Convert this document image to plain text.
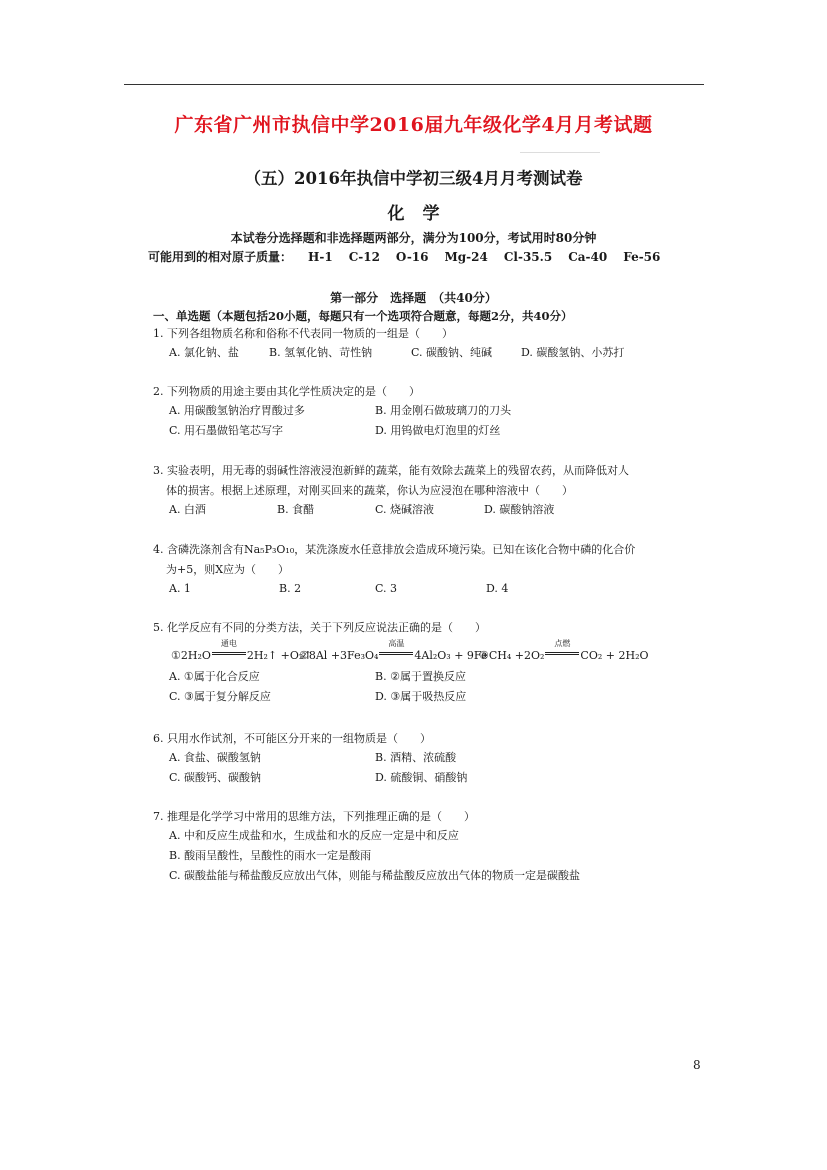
广东省广州市执信中学2016届九年级化学4月月考试题
（五）2016年执信中学初三级4月月考测试卷
化学
本试卷分选择题和非选择题两部分，满分为100分，考试用时80分钟
可能用到的相对原子质量： H-1 C-12 O-16 Mg-24 Cl-35.5 Ca-40 Fe-56
第一部分　选择题　（共40分）
一、单选题（本题包括20小题，每题只有一个选项符合题意，每题2分，共40分）
1. 下列各组物质名称和俗称不代表同一物质的一组是（　　）
A. 氯化钠、盐	B. 氢氧化钠、苛性钠	C. 碳酸钠、纯碱	D. 碳酸氢钠、小苏打
2. 下列物质的用途主要由其化学性质决定的是（　　）
A. 用碳酸氢钠治疗胃酸过多	B. 用金刚石做玻璃刀的刀头
C. 用石墨做铅笔芯写字	D. 用钨做电灯泡里的灯丝
3. 实验表明，用无毒的弱碱性溶液浸泡新鲜的蔬菜，能有效除去蔬菜上的残留农药，从而降低对人
体的损害。根据上述原理，对刚买回来的蔬菜，你认为应浸泡在哪种溶液中（　　）
A. 白酒	B. 食醋	C. 烧碱溶液	D. 碳酸钠溶液
4. 含磷洗涤剂含有Na₅P₃O₁₀，某洗涤废水任意排放会造成环境污染。已知在该化合物中磷的化合价
为+5，则X应为（　　）
A. 1	B. 2	C. 3	D. 4
5. 化学反应有不同的分类方法，关于下列反应说法正确的是（　　）
①2H₂O
通电
2H₂↑ +O₂↑
②8Al +3Fe₃O₄
高温
4Al₂O₃ + 9Fe
③CH₄ +2O₂
点燃
CO₂ + 2H₂O
A. ①属于化合反应	B. ②属于置换反应
C. ③属于复分解反应	D. ③属于吸热反应
6. 只用水作试剂，不可能区分开来的一组物质是（　　）
A. 食盐、碳酸氢钠	B. 酒精、浓硫酸
C. 碳酸钙、碳酸钠	D. 硫酸铜、硝酸钠
7. 推理是化学学习中常用的思维方法，下列推理正确的是（　　）
A. 中和反应生成盐和水，生成盐和水的反应一定是中和反应
B. 酸雨呈酸性，呈酸性的雨水一定是酸雨
C. 碳酸盐能与稀盐酸反应放出气体，则能与稀盐酸反应放出气体的物质一定是碳酸盐
8
